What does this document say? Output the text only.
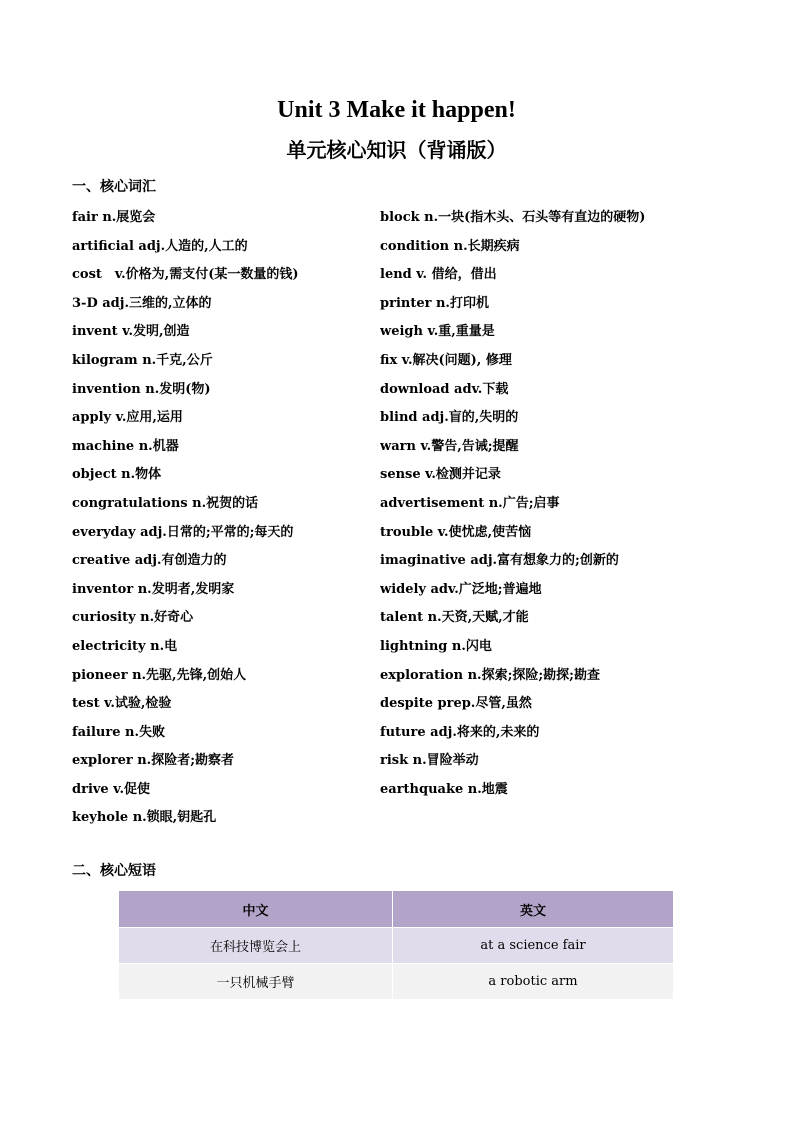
Unit 3 Make it happen!
单元核心知识（背诵版）
一、核心词汇
fair n.展览会	block n.一块(指木头、石头等有直边的硬物)
artificial adj.人造的,人工的	condition n.长期疾病
cost　v.价格为,需支付(某一数量的钱)	lend v. 借给，借出
3-D adj.三维的,立体的	printer n.打印机
invent v.发明,创造	weigh v.重,重量是
kilogram n.千克,公斤	fix v.解决(问题), 修理
invention n.发明(物)	download adv.下载
apply v.应用,运用	blind adj.盲的,失明的
machine n.机器	warn v.警告,告诫;提醒
object n.物体	sense v.检测并记录
congratulations n.祝贺的话	advertisement n.广告;启事
everyday adj.日常的;平常的;每天的	trouble v.使忧虑,使苦恼
creative adj.有创造力的	imaginative adj.富有想象力的;创新的
inventor n.发明者,发明家	widely adv.广泛地;普遍地
curiosity n.好奇心	talent n.天资,天赋,才能
electricity n.电	lightning n.闪电
pioneer n.先驱,先锋,创始人	exploration n.探索;探险;勘探;勘查
test v.试验,检验	despite prep.尽管,虽然
failure n.失败	future adj.将来的,未来的
explorer n.探险者;勘察者	risk n.冒险举动
drive v.促使	earthquake n.地震
keyhole n.锁眼,钥匙孔
二、核心短语
中文	英文
在科技博览会上	at a science fair
一只机械手臂	a robotic arm
